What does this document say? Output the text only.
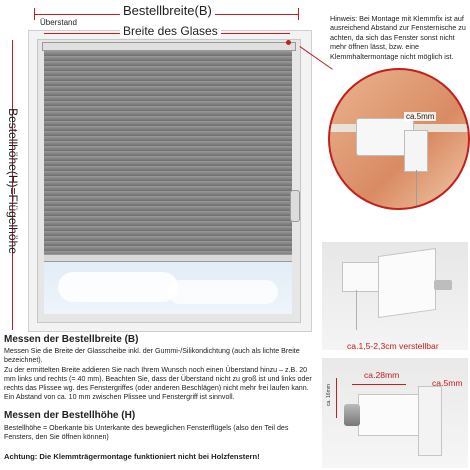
Bestellbreite(B)
Überstand
Breite des Glases
Bestellhöhe(H)=Flügelhöhe
Hinweis: Bei Montage mit Klemmfix ist auf ausreichend Abstand zur Fensternische zu achten, da sich das Fenster sonst nicht mehr öffnen lässt, bzw. eine Klemmhaltermontage nicht möglich ist.
ca.5mm
ca.1,5-2,3cm verstellbar
ca.28mm
ca.5mm
ca. 16mm
Messen der Bestellbreite (B)
Messen Sie die Breite der Glasscheibe inkl. der Gummi-/Silikondichtung (auch als lichte Breite bezeichnet).
Zu der ermittelten Breite addieren Sie nach Ihrem Wunsch noch einen Überstand hinzu – z.B. 20 mm links und rechts (= 40 mm). Beachten Sie, dass der Überstand nicht zu groß ist und links oder rechts das Plissee wg. des Fenstergriffes (oder anderen Beschlägen) nicht mehr frei laufen kann. Ein Abstand von ca. 10 mm zwischen Plissee und Fenstergriff ist sinnvoll.
Messen der Bestellhöhe (H)
Bestellhöhe = Oberkante bis Unterkante des beweglichen Fensterflügels (also den Teil des Fensters, den Sie öffnen können)
Achtung: Die Klemmträgermontage funktioniert nicht bei Holzfenstern!
